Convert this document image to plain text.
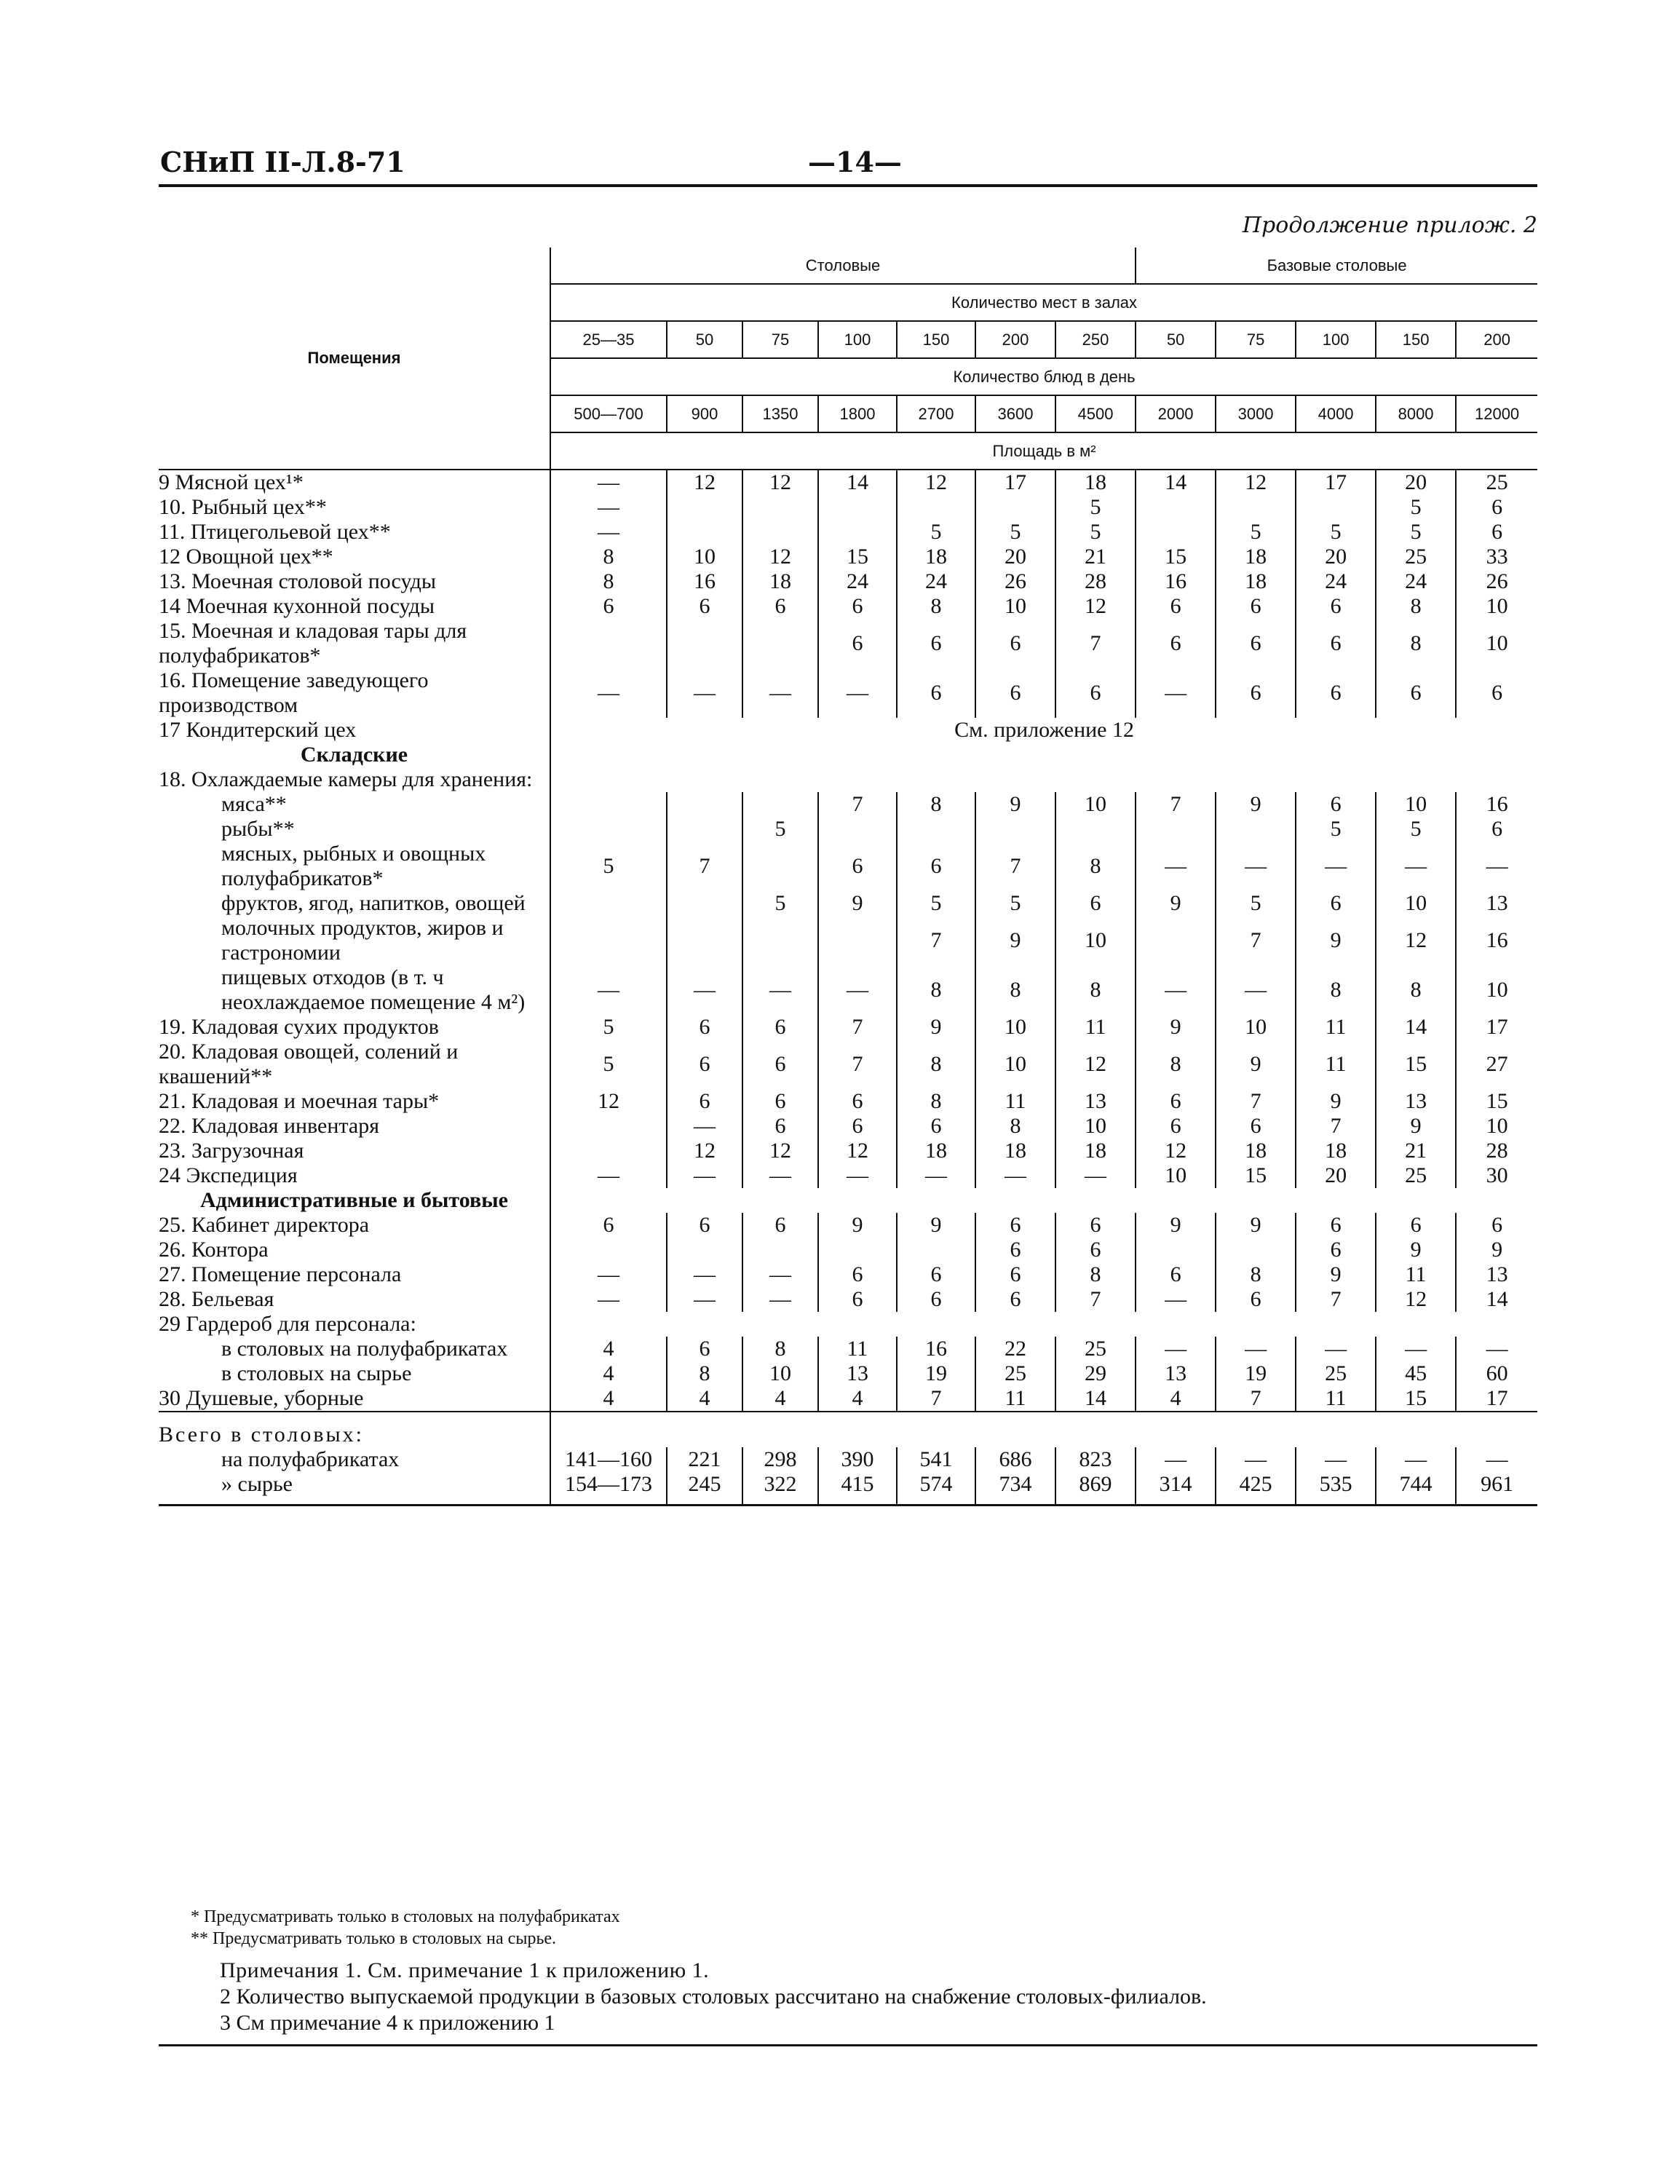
СНиП II-Л.8-71	—14—
Продолжение прилож. 2
Помещения	Столовые							Базовые столовые				
	Количество мест в залах											
	25—35	50	75	100	150	200	250	50	75	100	150	200
	Количество блюд в день											
	500—700	900	1350	1800	2700	3600	4500	2000	3000	4000	8000	12000
	Площадь в м²											
9 Мясной цех¹*	—	12	12	14	12	17	18	14	12	17	20	25
10. Рыбный цех**	—						5				5	6
11. Птицегольевой цех**	—				5	5	5		5	5	5	6
12 Овощной цех**	8	10	12	15	18	20	21	15	18	20	25	33
13. Моечная столовой посуды	8	16	18	24	24	26	28	16	18	24	24	26
14 Моечная кухонной посуды	6	6	6	6	8	10	12	6	6	6	8	10
15. Моечная и кладовая тары для полуфабрикатов*				6	6	6	7	6	6	6	8	10
16. Помещение заведующего производством	—	—	—	—	6	6	6	—	6	6	6	6
17 Кондитерский цех	См. приложение 12											
Складские												
18. Охлаждаемые камеры для хранения:												
мяса**				7	8	9	10	7	9	6	10	16
рыбы**			5							5	5	6
мясных, рыбных и овощных полуфабрикатов*	5	7		6	6	7	8	—	—	—	—	—
фруктов, ягод, напитков, овощей			5	9	5	5	6	9	5	6	10	13
молочных продуктов, жиров и гастрономии					7	9	10		7	9	12	16
пищевых отходов (в т. ч неохлаждаемое помещение 4 м²)	—	—	—	—	8	8	8	—	—	8	8	10
19. Кладовая сухих продуктов	5	6	6	7	9	10	11	9	10	11	14	17
20. Кладовая овощей, солений и квашений**	5	6	6	7	8	10	12	8	9	11	15	27
21. Кладовая и моечная тары*	12	6	6	6	8	11	13	6	7	9	13	15
22. Кладовая инвентаря		—	6	6	6	8	10	6	6	7	9	10
23. Загрузочная		12	12	12	18	18	18	12	18	18	21	28
24 Экспедиция	—	—	—	—	—	—	—	10	15	20	25	30
Административные и бытовые												
25. Кабинет директора	6	6	6	9	9	6	6	9	9	6	6	6
26. Контора						6	6			6	9	9
27. Помещение персонала	—	—	—	6	6	6	8	6	8	9	11	13
28. Бельевая	—	—	—	6	6	6	7	—	6	7	12	14
29 Гардероб для персонала:												
в столовых на полуфабрикатах	4	6	8	11	16	22	25	—	—	—	—	—
в столовых на сырье	4	8	10	13	19	25	29	13	19	25	45	60
30 Душевые, уборные	4	4	4	4	7	11	14	4	7	11	15	17
Всего в столовых:												
на полуфабрикатах	141—160	221	298	390	541	686	823	—	—	—	—	—
» сырье	154—173	245	322	415	574	734	869	314	425	535	744	961
* Предусматривать только в столовых на полуфабрикатах
** Предусматривать только в столовых на сырье.
Примечания 1. См. примечание 1 к приложению 1.
2 Количество выпускаемой продукции в базовых столовых рассчитано на снабжение столовых-филиалов.
3 См примечание 4 к приложению 1
